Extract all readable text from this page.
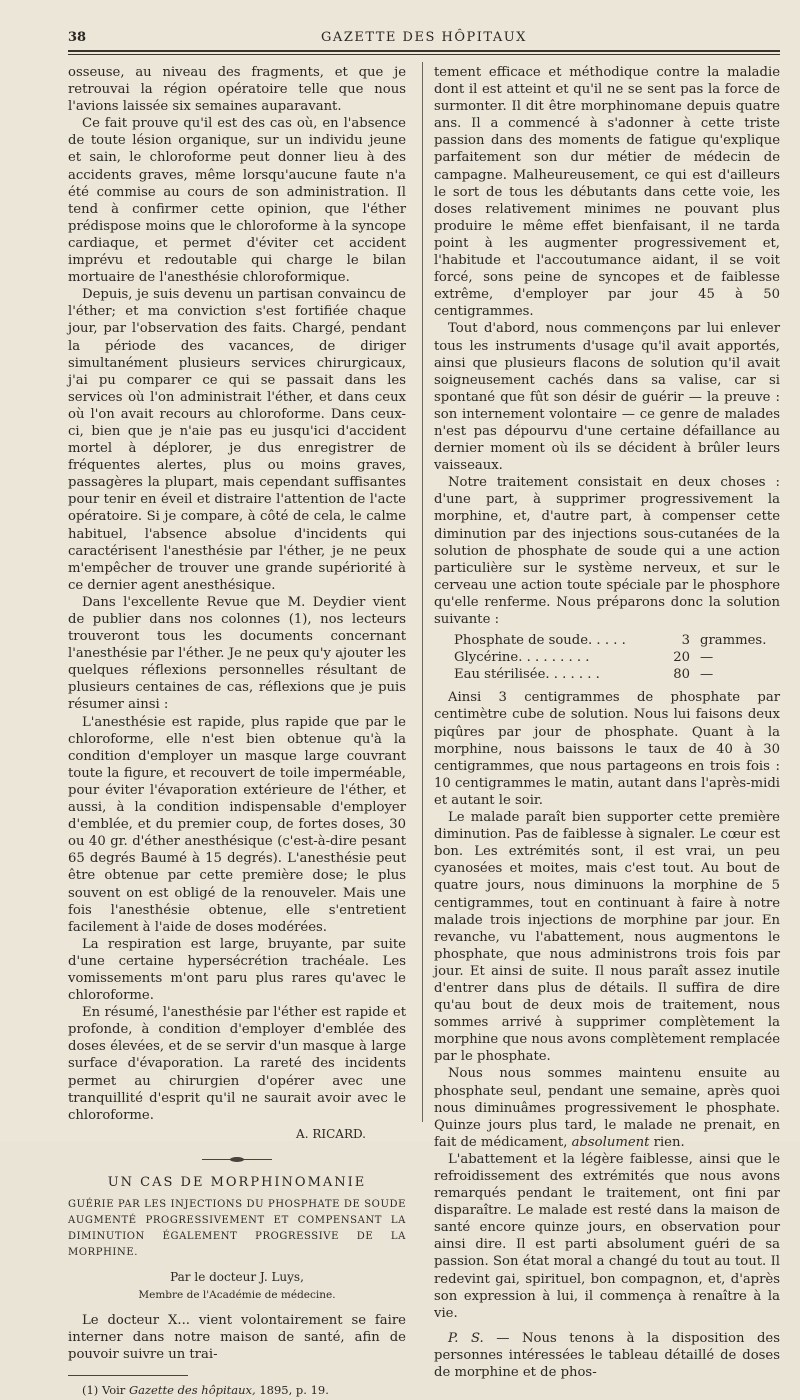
38	GAZETTE DES HÔPITAUX

osseuse, au niveau des fragments, et que je retrouvai la région opératoire telle que nous l'avions laissée six semaines auparavant.

Ce fait prouve qu'il est des cas où, en l'absence de toute lésion organique, sur un individu jeune et sain, le chloroforme peut donner lieu à des accidents graves, même lorsqu'aucune faute n'a été commise au cours de son administration. Il tend à confirmer cette opinion, que l'éther prédispose moins que le chloroforme à la syncope cardiaque, et permet d'éviter cet accident imprévu et redoutable qui charge le bilan mortuaire de l'anesthésie chloroformique.

Depuis, je suis devenu un partisan convaincu de l'éther; et ma conviction s'est fortifiée chaque jour, par l'observation des faits. Chargé, pendant la période des vacances, de diriger simultanément plusieurs services chirurgicaux, j'ai pu comparer ce qui se passait dans les services où l'on administrait l'éther, et dans ceux où l'on avait recours au chloroforme. Dans ceux-ci, bien que je n'aie pas eu jusqu'ici d'accident mortel à déplorer, je dus enregistrer de fréquentes alertes, plus ou moins graves, passagères la plupart, mais cependant suffisantes pour tenir en éveil et distraire l'attention de l'acte opératoire. Si je compare, à côté de cela, le calme habituel, l'absence absolue d'incidents qui caractérisent l'anesthésie par l'éther, je ne peux m'empêcher de trouver une grande supériorité à ce dernier agent anesthésique.

Dans l'excellente Revue que M. Deydier vient de publier dans nos colonnes (1), nos lecteurs trouveront tous les documents concernant l'anesthésie par l'éther. Je ne peux qu'y ajouter les quelques réflexions personnelles résultant de plusieurs centaines de cas, réflexions que je puis résumer ainsi :

L'anesthésie est rapide, plus rapide que par le chloroforme, elle n'est bien obtenue qu'à la condition d'employer un masque large couvrant toute la figure, et recouvert de toile imperméable, pour éviter l'évaporation extérieure de l'éther, et aussi, à la condition indispensable d'employer d'emblée, et du premier coup, de fortes doses, 30 ou 40 gr. d'éther anesthésique (c'est-à-dire pesant 65 degrés Baumé à 15 degrés). L'anesthésie peut être obtenue par cette première dose; le plus souvent on est obligé de la renouveler. Mais une fois l'anesthésie obtenue, elle s'entretient facilement à l'aide de doses modérées.

La respiration est large, bruyante, par suite d'une certaine hypersécrétion trachéale. Les vomissements m'ont paru plus rares qu'avec le chloroforme.

En résumé, l'anesthésie par l'éther est rapide et profonde, à condition d'employer d'emblée des doses élevées, et de se servir d'un masque à large surface d'évaporation. La rareté des incidents permet au chirurgien d'opérer avec une tranquillité d'esprit qu'il ne saurait avoir avec le chloroforme.

A. RICARD.
UN CAS DE MORPHINOMANIE
GUÉRIE PAR LES INJECTIONS DU PHOSPHATE DE SOUDE AUGMENTÉ PROGRESSIVEMENT ET COMPENSANT LA DIMINUTION ÉGALEMENT PROGRESSIVE DE LA MORPHINE.
Par le docteur J. Luys,
Membre de l'Académie de médecine.

Le docteur X... vient volontairement se faire interner dans notre maison de santé, afin de pouvoir suivre un trai-

(1) Voir Gazette des hôpitaux, 1895, p. 19.

tement efficace et méthodique contre la maladie dont il est atteint et qu'il ne se sent pas la force de surmonter. Il dit être morphinomane depuis quatre ans. Il a commencé à s'adonner à cette triste passion dans des moments de fatigue qu'explique parfaitement son dur métier de médecin de campagne. Malheureusement, ce qui est d'ailleurs le sort de tous les débutants dans cette voie, les doses relativement minimes ne pouvant plus produire le même effet bienfaisant, il ne tarda point à les augmenter progressivement et, l'habitude et l'accoutumance aidant, il se voit forcé, sons peine de syncopes et de faiblesse extrême, d'employer par jour 45 à 50 centigrammes.

Tout d'abord, nous commençons par lui enlever tous les instruments d'usage qu'il avait apportés, ainsi que plusieurs flacons de solution qu'il avait soigneusement cachés dans sa valise, car si spontané que fût son désir de guérir — la preuve : son internement volontaire — ce genre de malades n'est pas dépourvu d'une certaine défaillance au dernier moment où ils se décident à brûler leurs vaisseaux.

Notre traitement consistait en deux choses : d'une part, à supprimer progressivement la morphine, et, d'autre part, à compenser cette diminution par des injections sous-cutanées de la solution de phosphate de soude qui a une action particulière sur le système nerveux, et sur le cerveau une action toute spéciale par le phosphore qu'elle renferme. Nous préparons donc la solution suivante :

Phosphate de soude. . . . .	3 grammes.
Glycérine. . . . . . . . .	20 —
Eau stérilisée. . . . . . .	80 —

Ainsi 3 centigrammes de phosphate par centimètre cube de solution. Nous lui faisons deux piqûres par jour de phosphate. Quant à la morphine, nous baissons le taux de 40 à 30 centigrammes, que nous partageons en trois fois : 10 centigrammes le matin, autant dans l'après-midi et autant le soir.

Le malade paraît bien supporter cette première diminution. Pas de faiblesse à signaler. Le cœur est bon. Les extrémités sont, il est vrai, un peu cyanosées et moites, mais c'est tout. Au bout de quatre jours, nous diminuons la morphine de 5 centigrammes, tout en continuant à faire à notre malade trois injections de morphine par jour. En revanche, vu l'abattement, nous augmentons le phosphate, que nous administrons trois fois par jour. Et ainsi de suite. Il nous paraît assez inutile d'entrer dans plus de détails. Il suffira de dire qu'au bout de deux mois de traitement, nous sommes arrivé à supprimer complètement la morphine que nous avons complètement remplacée par le phosphate.

Nous nous sommes maintenu ensuite au phosphate seul, pendant une semaine, après quoi nous diminuâmes progressivement le phosphate. Quinze jours plus tard, le malade ne prenait, en fait de médicament, absolument rien.

L'abattement et la légère faiblesse, ainsi que le refroidissement des extrémités que nous avons remarqués pendant le traitement, ont fini par disparaître. Le malade est resté dans la maison de santé encore quinze jours, en observation pour ainsi dire. Il est parti absolument guéri de sa passion. Son état moral a changé du tout au tout. Il redevint gai, spirituel, bon compagnon, et, d'après son expression à lui, il commença à renaître à la vie.

P. S. — Nous tenons à la disposition des personnes intéressées le tableau détaillé de doses de morphine et de phos-
